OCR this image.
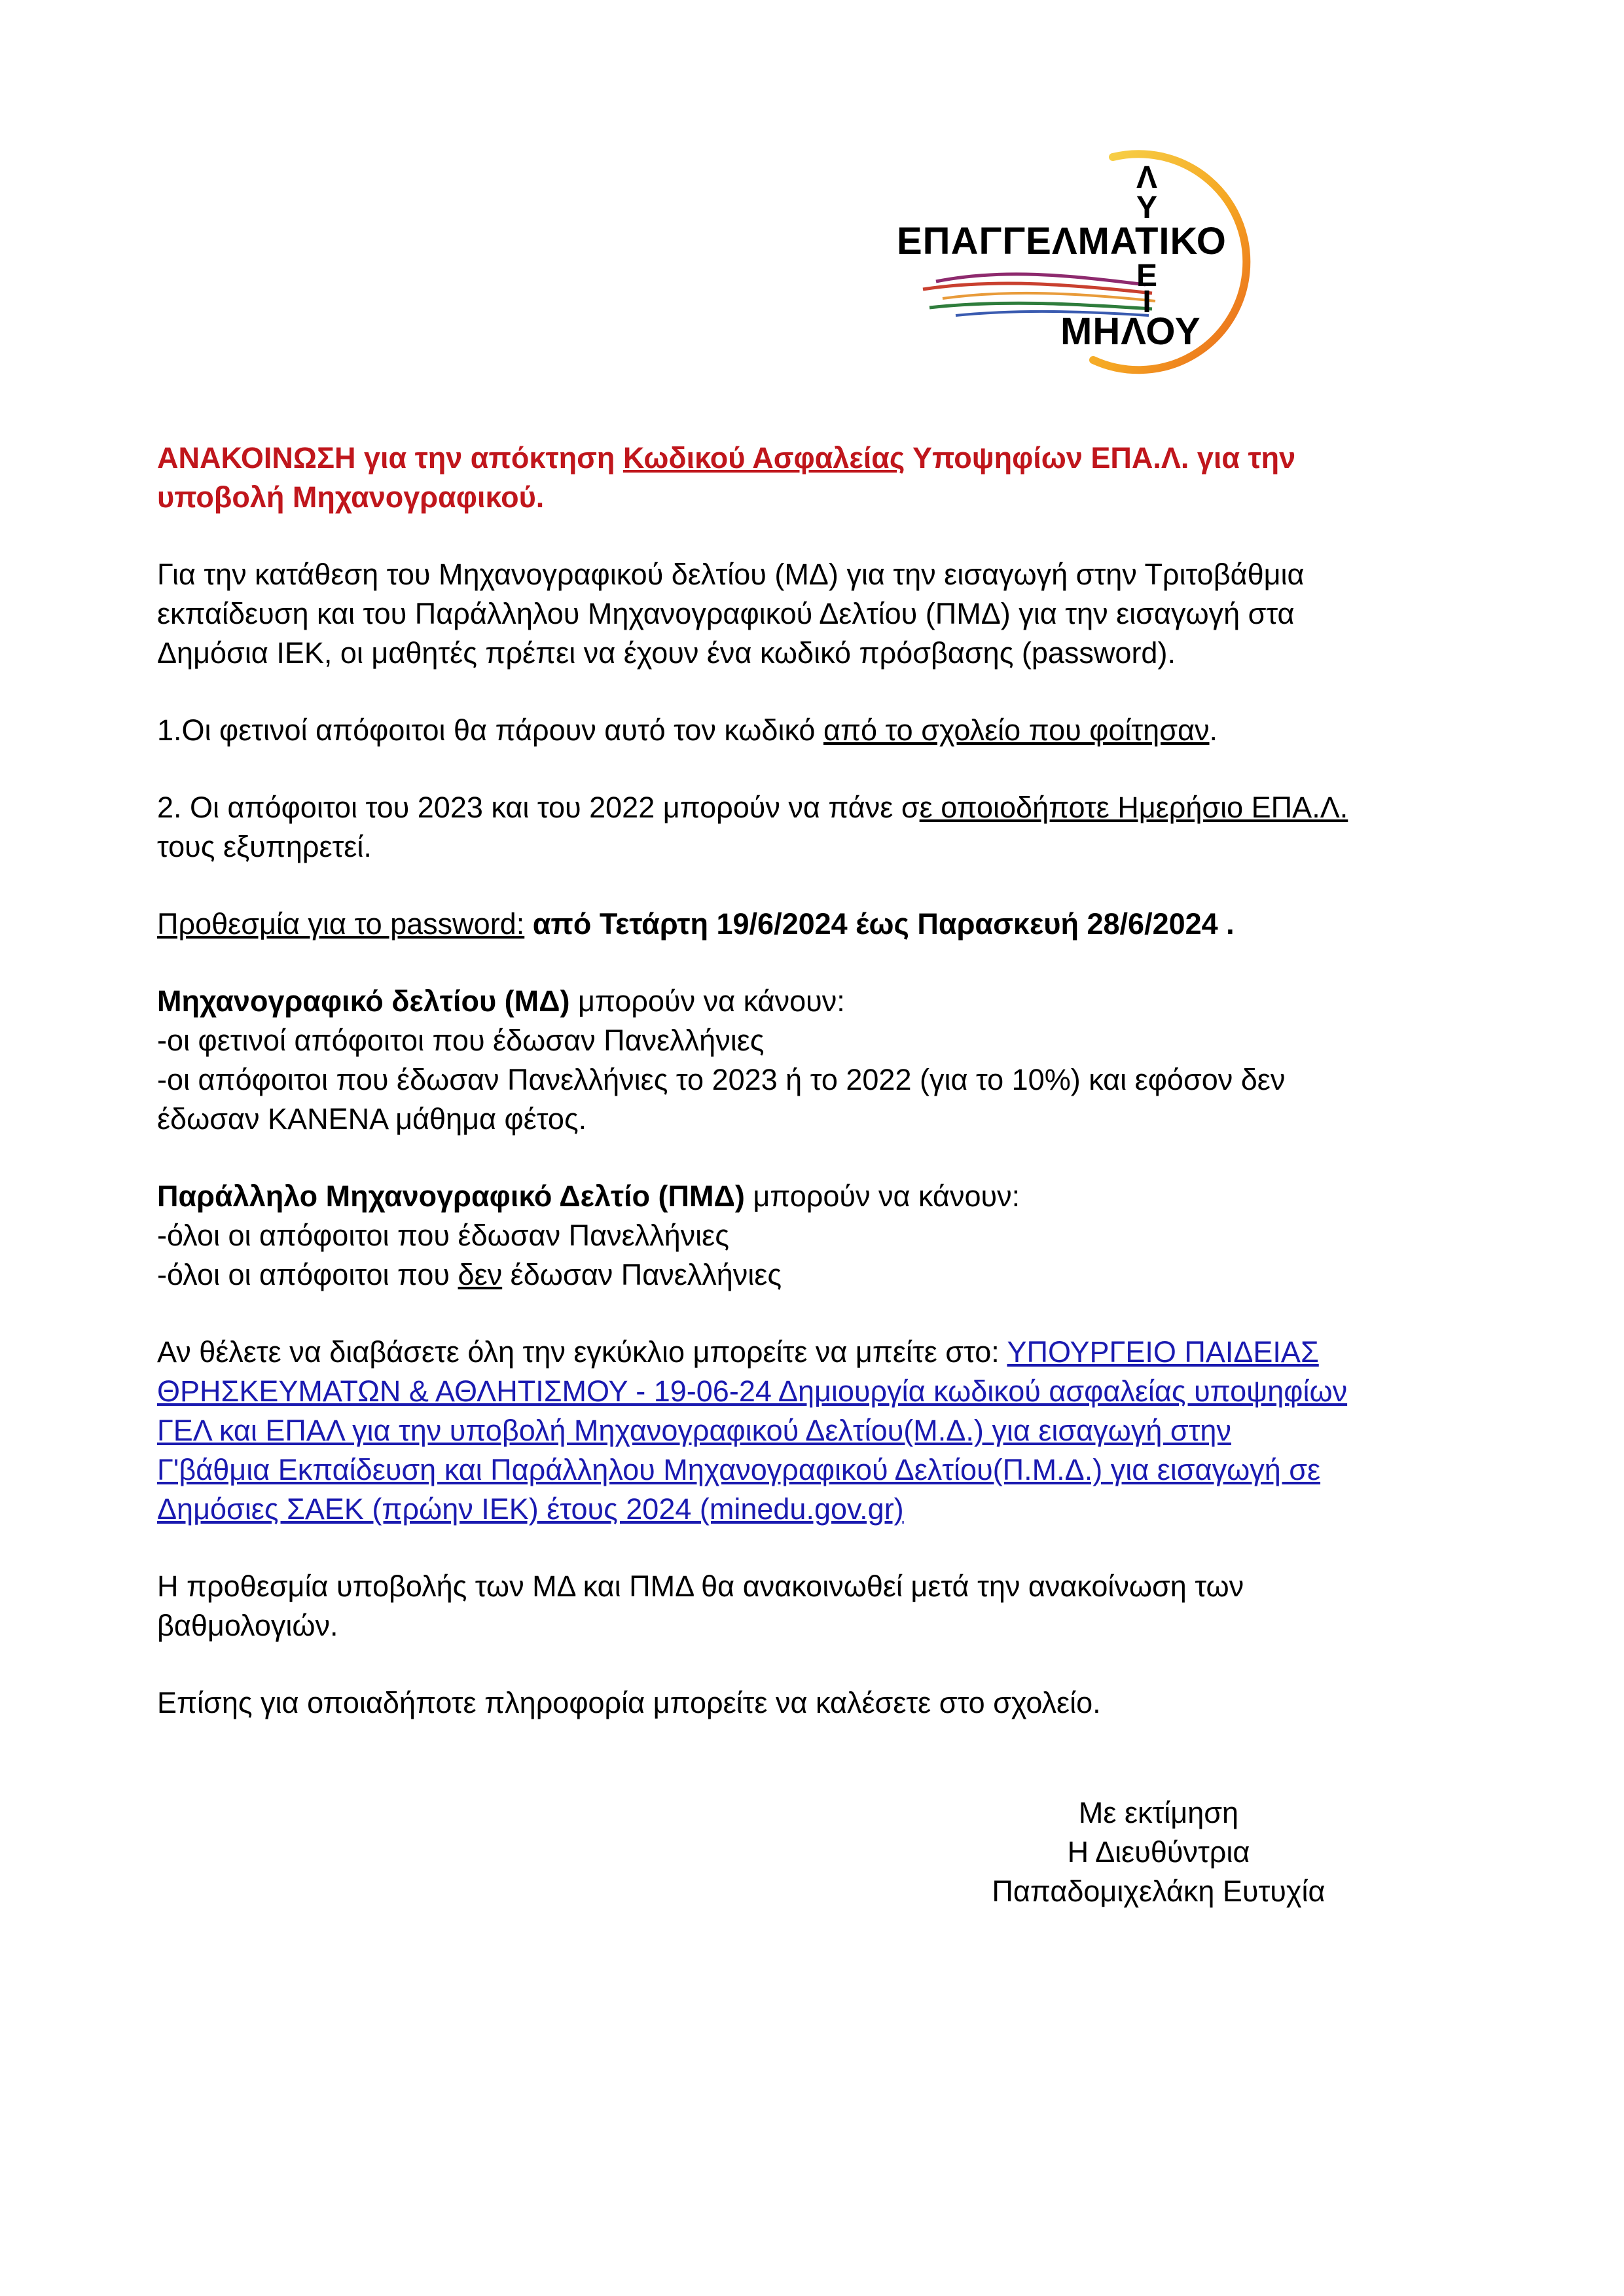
Λ
Υ
ΕΠΑΓΓΕΛΜΑΤΙΚΟ
Ε
Ι
ΜΗΛΟΥ
ΑΝΑΚΟΙΝΩΣΗ για την απόκτηση Κωδικού Ασφαλείας Υποψηφίων ΕΠΑ.Λ. για την
υποβολή Μηχανογραφικού.
Για την κατάθεση του Μηχανογραφικού δελτίου (ΜΔ) για την εισαγωγή στην Τριτοβάθμια
εκπαίδευση και του Παράλληλου Μηχανογραφικού Δελτίου (ΠΜΔ) για την εισαγωγή στα
Δημόσια ΙΕΚ, οι μαθητές πρέπει να έχουν ένα κωδικό πρόσβασης (password).
1.Οι φετινοί απόφοιτοι θα πάρουν αυτό τον κωδικό από το σχολείο που φοίτησαν.
2. Οι απόφοιτοι του 2023 και του 2022 μπορούν να πάνε σε οποιοδήποτε Ημερήσιο ΕΠΑ.Λ.
τους εξυπηρετεί.
Προθεσμία για το password: από Τετάρτη 19/6/2024 έως Παρασκευή 28/6/2024 .
Μηχανογραφικό δελτίου (ΜΔ) μπορούν να κάνουν:
-οι φετινοί απόφοιτοι που έδωσαν Πανελλήνιες
-οι απόφοιτοι που έδωσαν Πανελλήνιες το 2023 ή το 2022 (για το 10%) και εφόσον δεν
έδωσαν ΚΑΝΕΝΑ μάθημα φέτος.
Παράλληλο Μηχανογραφικό Δελτίο (ΠΜΔ) μπορούν να κάνουν:
-όλοι οι απόφοιτοι που έδωσαν Πανελλήνιες
-όλοι οι απόφοιτοι που δεν έδωσαν Πανελλήνιες
Αν θέλετε να διαβάσετε όλη την εγκύκλιο μπορείτε να μπείτε στο: ΥΠΟΥΡΓΕΙΟ ΠΑΙΔΕΙΑΣ
ΘΡΗΣΚΕΥΜΑΤΩΝ & ΑΘΛΗΤΙΣΜΟΥ - 19-06-24 Δημιουργία κωδικού ασφαλείας υποψηφίων
ΓΕΛ και ΕΠΑΛ για την υποβολή Μηχανογραφικού Δελτίου(Μ.Δ.) για εισαγωγή στην
Γ'βάθμια Εκπαίδευση και Παράλληλου Μηχανογραφικού Δελτίου(Π.Μ.Δ.) για εισαγωγή σε
Δημόσιες ΣΑΕΚ (πρώην ΙΕΚ) έτους 2024 (minedu.gov.gr)
Η προθεσμία υποβολής των ΜΔ και ΠΜΔ θα ανακοινωθεί μετά την ανακοίνωση των
βαθμολογιών.
Επίσης για οποιαδήποτε πληροφορία μπορείτε να καλέσετε στο σχολείο.
Με εκτίμηση
Η Διευθύντρια
Παπαδομιχελάκη Ευτυχία
